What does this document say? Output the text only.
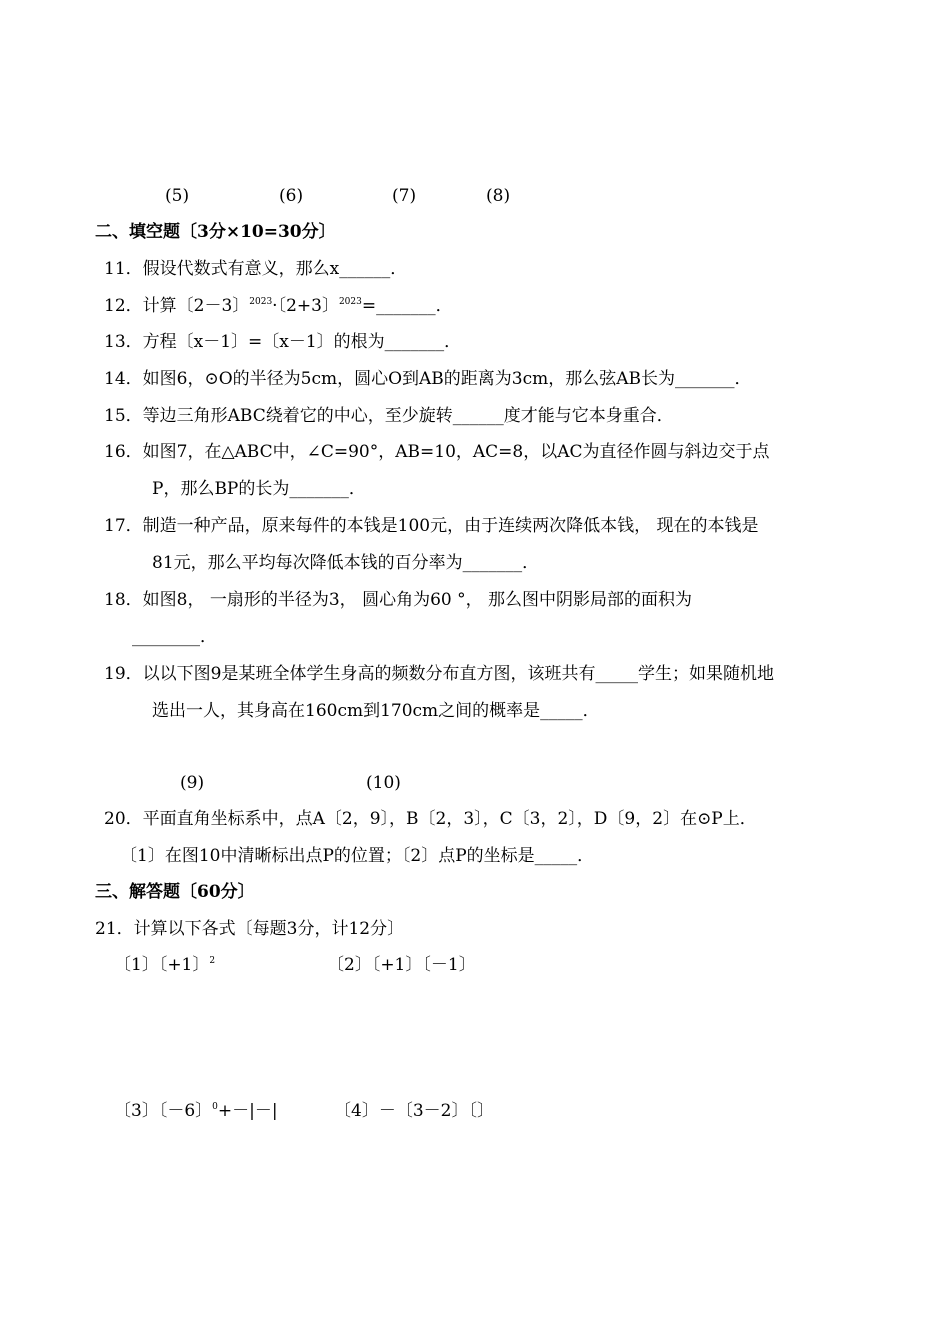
(5)	(6)	(7)	(8)
二、填空题〔3分×10=30分〕
11．假设代数式有意义，那么x______．
12．计算〔2－3〕$^{2023}$·〔2+3〕$^{2023}$=_______．
13．方程〔x－1〕=〔x－1〕的根为_______．
14．如图6，⊙O的半径为5cm，圆心O到AB的距离为3cm，那么弦AB长为_______．
15．等边三角形ABC绕着它的中心，至少旋转______度才能与它本身重合．
16．如图7，在△ABC中，∠C=90°，AB=10，AC=8，以AC为直径作圆与斜边交于点
P，那么BP的长为_______．
17．制造一种产品，原来每件的本钱是100元，由于连续两次降低本钱， 现在的本钱是
81元，那么平均每次降低本钱的百分率为_______．
18．如图8， 一扇形的半径为3， 圆心角为60 °， 那么图中阴影局部的面积为
________．
19．以以下图9是某班全体学生身高的频数分布直方图，该班共有_____学生；如果随机地
选出一人，其身高在160cm到170cm之间的概率是_____．
(9)	(10)
20．平面直角坐标系中，点A〔2，9〕，B〔2，3〕，C〔3，2〕，D〔9，2〕在⊙P上．
〔1〕在图10中清晰标出点P的位置；〔2〕点P的坐标是_____．
三、解答题〔60分〕
21．计算以下各式〔每题3分，计12分〕
〔1〕〔+1〕$^2$	〔2〕〔+1〕〔－1〕
〔3〕〔－6〕$^0$+－|－|	〔4〕－〔3－2〕〔〕
